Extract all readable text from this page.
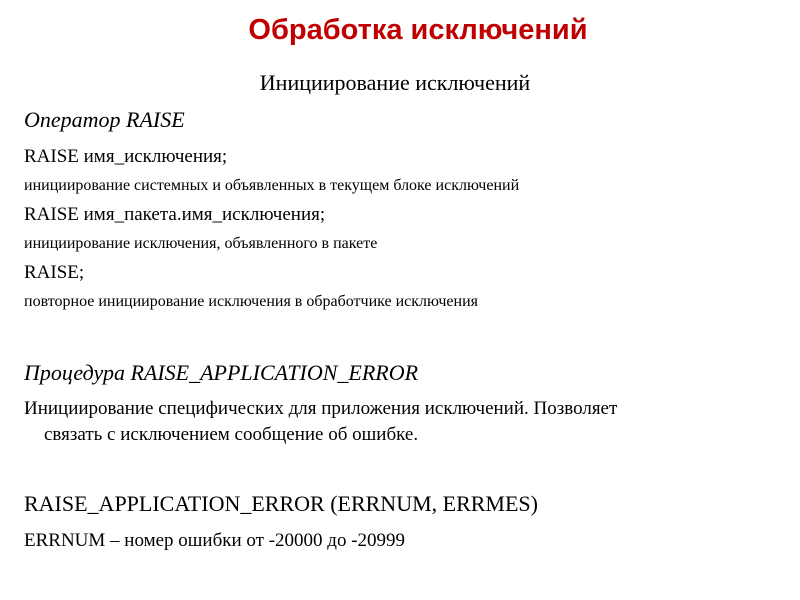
Обработка исключений
Инициирование исключений
Оператор RAISE
RAISE имя_исключения;
инициирование системных и объявленных в текущем блоке исключений
RAISE имя_пакета.имя_исключения;
инициирование исключения, объявленного в пакете
RAISE;
повторное инициирование исключения в обработчике исключения
Процедура RAISE_APPLICATION_ERROR
Инициирование специфических для приложения исключений. Позволяет
связать с исключением сообщение об ошибке.
RAISE_APPLICATION_ERROR (ERRNUM, ERRMES)
ERRNUM – номер ошибки от -20000 до -20999
